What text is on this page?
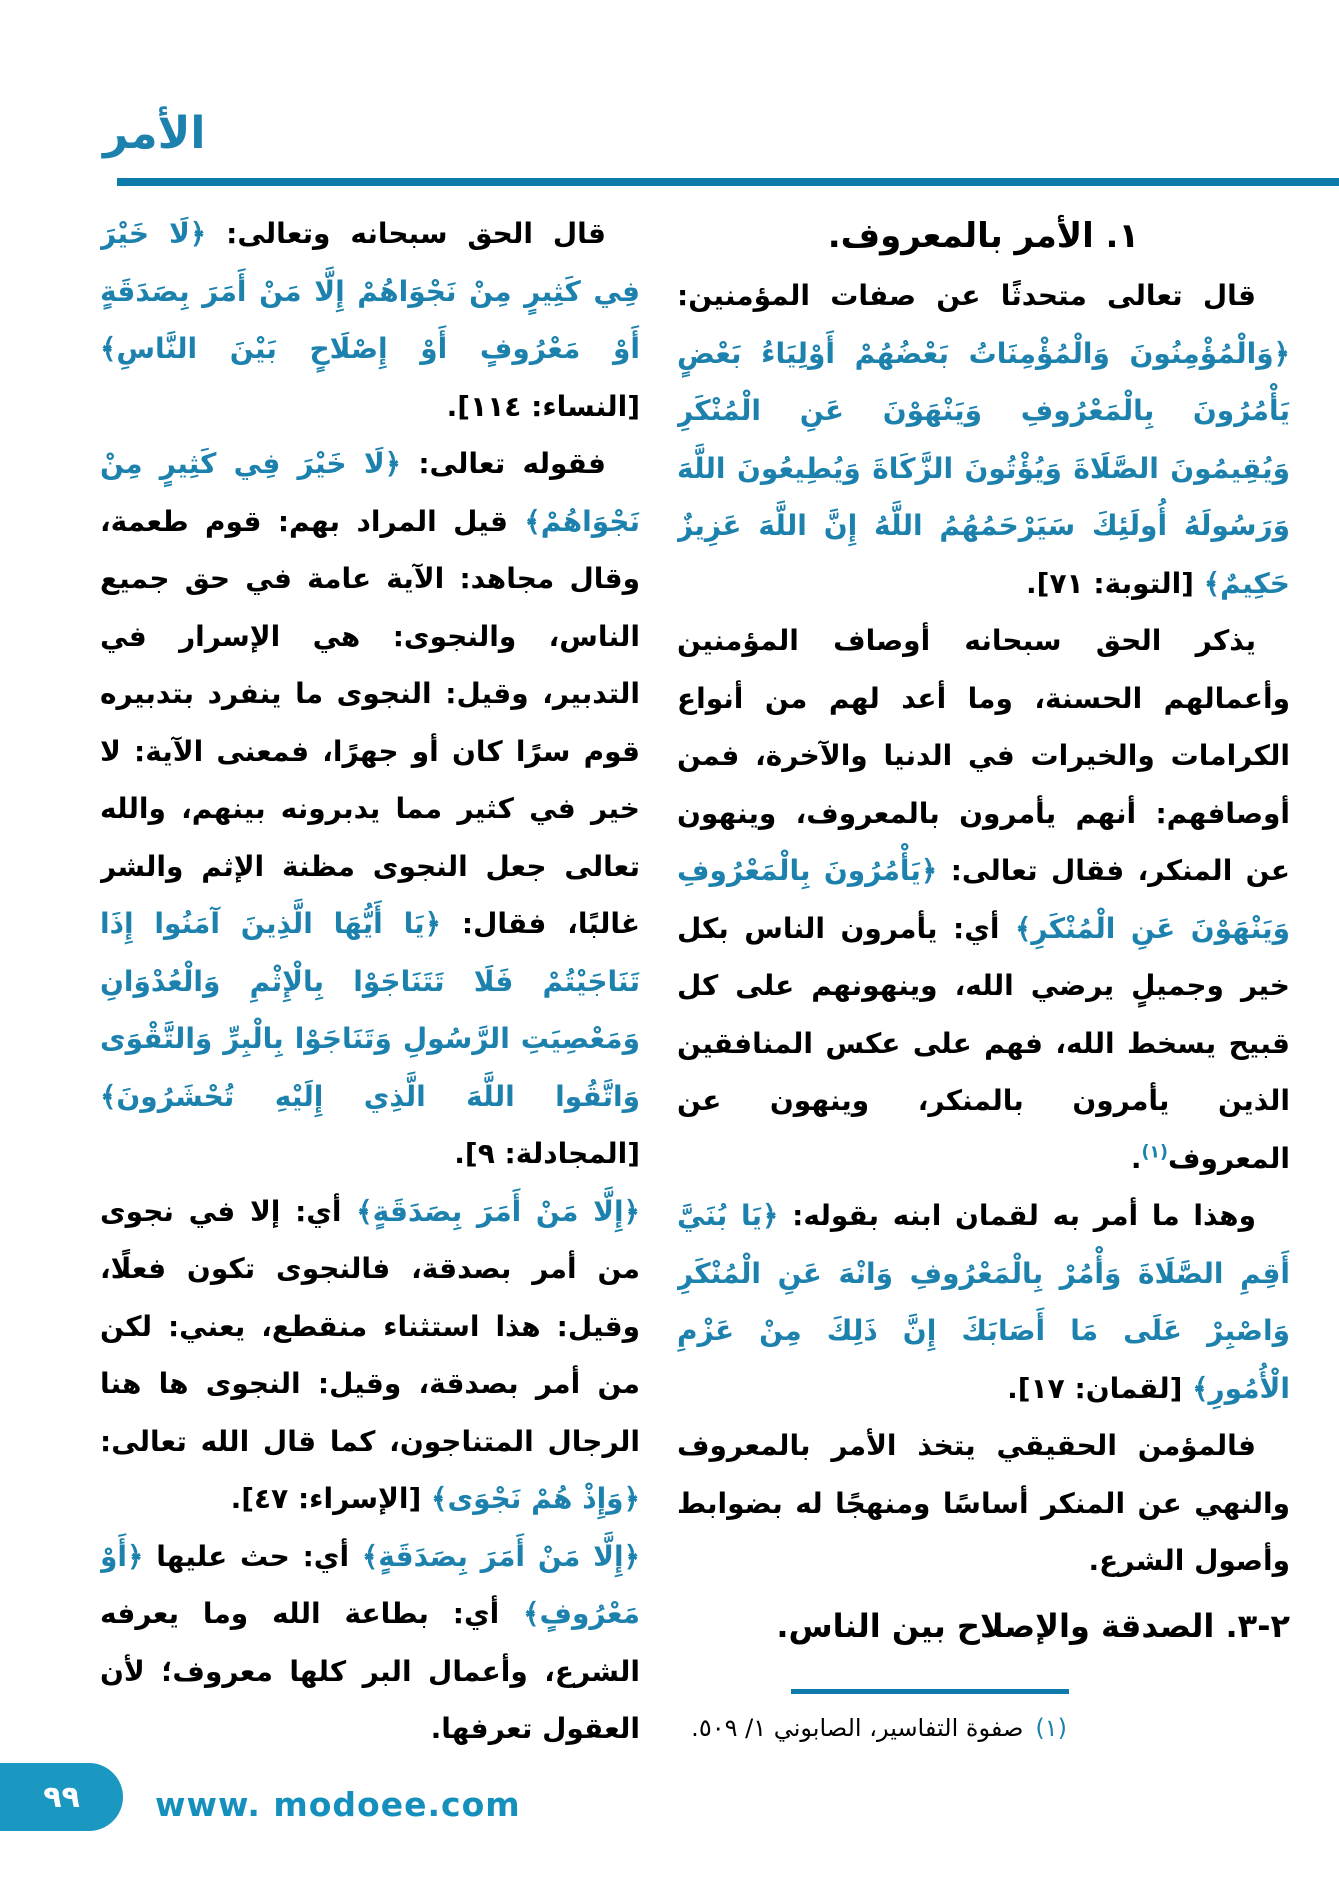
الأمر
١. الأمر بالمعروف.
قال تعالى متحدثًا عن صفات المؤمنين: ﴿وَالْمُؤْمِنُونَ وَالْمُؤْمِنَاتُ بَعْضُهُمْ أَوْلِيَاءُ بَعْضٍ يَأْمُرُونَ بِالْمَعْرُوفِ وَيَنْهَوْنَ عَنِ الْمُنْكَرِ وَيُقِيمُونَ الصَّلَاةَ وَيُؤْتُونَ الزَّكَاةَ وَيُطِيعُونَ اللَّهَ وَرَسُولَهُ أُولَئِكَ سَيَرْحَمُهُمُ اللَّهُ إِنَّ اللَّهَ عَزِيزٌ حَكِيمٌ﴾ [التوبة: ٧١].
يذكر الحق سبحانه أوصاف المؤمنين وأعمالهم الحسنة، وما أعد لهم من أنواع الكرامات والخيرات في الدنيا والآخرة، فمن أوصافهم: أنهم يأمرون بالمعروف، وينهون عن المنكر، فقال تعالى: ﴿يَأْمُرُونَ بِالْمَعْرُوفِ وَيَنْهَوْنَ عَنِ الْمُنْكَرِ﴾ أي: يأمرون الناس بكل خير وجميلٍ يرضي الله، وينهونهم على كل قبيح يسخط الله، فهم على عكس المنافقين الذين يأمرون بالمنكر، وينهون عن المعروف$^{(١)}$.
وهذا ما أمر به لقمان ابنه بقوله: ﴿يَا بُنَيَّ أَقِمِ الصَّلَاةَ وَأْمُرْ بِالْمَعْرُوفِ وَانْهَ عَنِ الْمُنْكَرِ وَاصْبِرْ عَلَى مَا أَصَابَكَ إِنَّ ذَلِكَ مِنْ عَزْمِ الْأُمُورِ﴾ [لقمان: ١٧].
فالمؤمن الحقيقي يتخذ الأمر بالمعروف والنهي عن المنكر أساسًا ومنهجًا له بضوابط وأصول الشرع.
٢-٣. الصدقة والإصلاح بين الناس.
قال الحق سبحانه وتعالى: ﴿لَا خَيْرَ فِي كَثِيرٍ مِنْ نَجْوَاهُمْ إِلَّا مَنْ أَمَرَ بِصَدَقَةٍ أَوْ مَعْرُوفٍ أَوْ إِصْلَاحٍ بَيْنَ النَّاسِ﴾ [النساء: ١١٤].
فقوله تعالى: ﴿لَا خَيْرَ فِي كَثِيرٍ مِنْ نَجْوَاهُمْ﴾ قيل المراد بهم: قوم طعمة، وقال مجاهد: الآية عامة في حق جميع الناس، والنجوى: هي الإسرار في التدبير، وقيل: النجوى ما ينفرد بتدبيره قوم سرًا كان أو جهرًا، فمعنى الآية: لا خير في كثير مما يدبرونه بينهم، والله تعالى جعل النجوى مظنة الإثم والشر غالبًا، فقال: ﴿يَا أَيُّهَا الَّذِينَ آمَنُوا إِذَا تَنَاجَيْتُمْ فَلَا تَتَنَاجَوْا بِالْإِثْمِ وَالْعُدْوَانِ وَمَعْصِيَتِ الرَّسُولِ وَتَنَاجَوْا بِالْبِرِّ وَالتَّقْوَى وَاتَّقُوا اللَّهَ الَّذِي إِلَيْهِ تُحْشَرُونَ﴾ [المجادلة: ٩].
﴿إِلَّا مَنْ أَمَرَ بِصَدَقَةٍ﴾ أي: إلا في نجوى من أمر بصدقة، فالنجوى تكون فعلًا، وقيل: هذا استثناء منقطع، يعني: لكن من أمر بصدقة، وقيل: النجوى ها هنا الرجال المتناجون، كما قال الله تعالى: ﴿وَإِذْ هُمْ نَجْوَى﴾ [الإسراء: ٤٧].
﴿إِلَّا مَنْ أَمَرَ بِصَدَقَةٍ﴾ أي: حث عليها ﴿أَوْ مَعْرُوفٍ﴾ أي: بطاعة الله وما يعرفه الشرع، وأعمال البر كلها معروف؛ لأن العقول تعرفها.	(١)صفوة التفاسير، الصابوني ١/ ٥٠٩.
٩٩ www. modoee.com
